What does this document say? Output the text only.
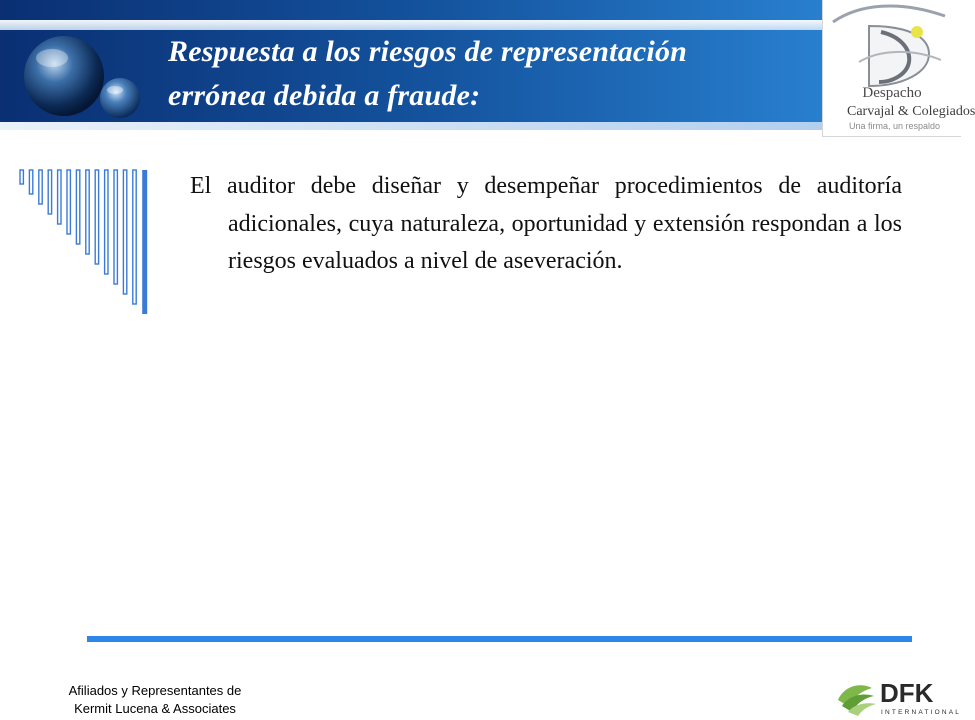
Respuesta a los riesgos de representación
errónea debida a fraude:	Despacho
Carvajal & Colegiados
Una firma, un respaldo

El auditor debe diseñar y desempeñar procedimientos de auditoría adicionales, cuya naturaleza, oportunidad y extensión respondan a los riesgos evaluados a nivel de aseveración.

Afiliados y Representantes de
Kermit Lucena & Associates
DFK
INTERNATIONAL
